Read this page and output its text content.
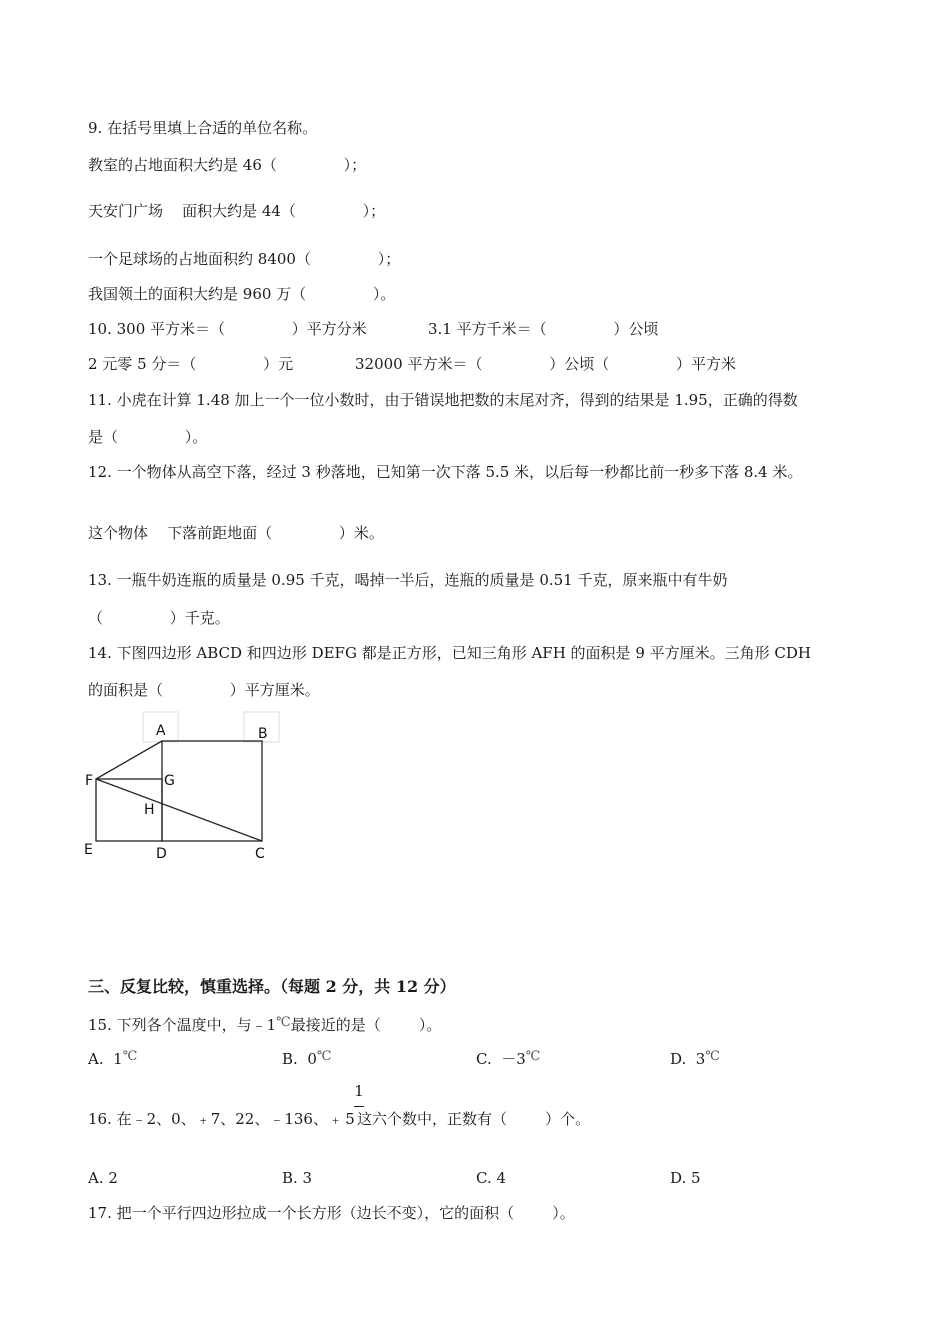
9. 在括号里填上合适的单位名称。
教室的占地面积大约是 46（              ）；
天安门广场    面积大约是 44（              ）；
一个足球场的占地面积约 8400（              ）；
我国领土的面积大约是 960 万（              ）。
10. 300 平方米＝（              ）平方分米	3.1 平方千米＝（              ）公顷
2 元零 5 分＝（              ）元	32000 平方米＝（              ）公顷（              ）平方米
11. 小虎在计算 1.48 加上一个一位小数时，由于错误地把数的末尾对齐，得到的结果是 1.95，正确的得数
是（              ）。
12. 一个物体从高空下落，经过 3 秒落地，已知第一次下落 5.5 米，以后每一秒都比前一秒多下落 8.4 米。
这个物体    下落前距地面（              ）米。
13. 一瓶牛奶连瓶的质量是 0.95 千克，喝掉一半后，连瓶的质量是 0.51 千克，原来瓶中有牛奶
（              ）千克。
14. 下图四边形 ABCD 和四边形 DEFG 都是正方形，已知三角形 AFH 的面积是 9 平方厘米。三角形 CDH
的面积是（              ）平方厘米。
A	B
C
D
E
F	G
H
三、反复比较，慎重选择。（每题 2 分，共 12 分）
15. 下列各个温度中，与﹣1℃最接近的是（        ）。
A.  1℃	B.  0℃	C.  －3℃	D.  3℃
1
16. 在﹣2、0、﹢7、22、﹣136、﹢ 5 这六个数中，正数有（        ）个。
A. 2	B. 3	C. 4	D. 5
17. 把一个平行四边形拉成一个长方形（边长不变），它的面积（        ）。
